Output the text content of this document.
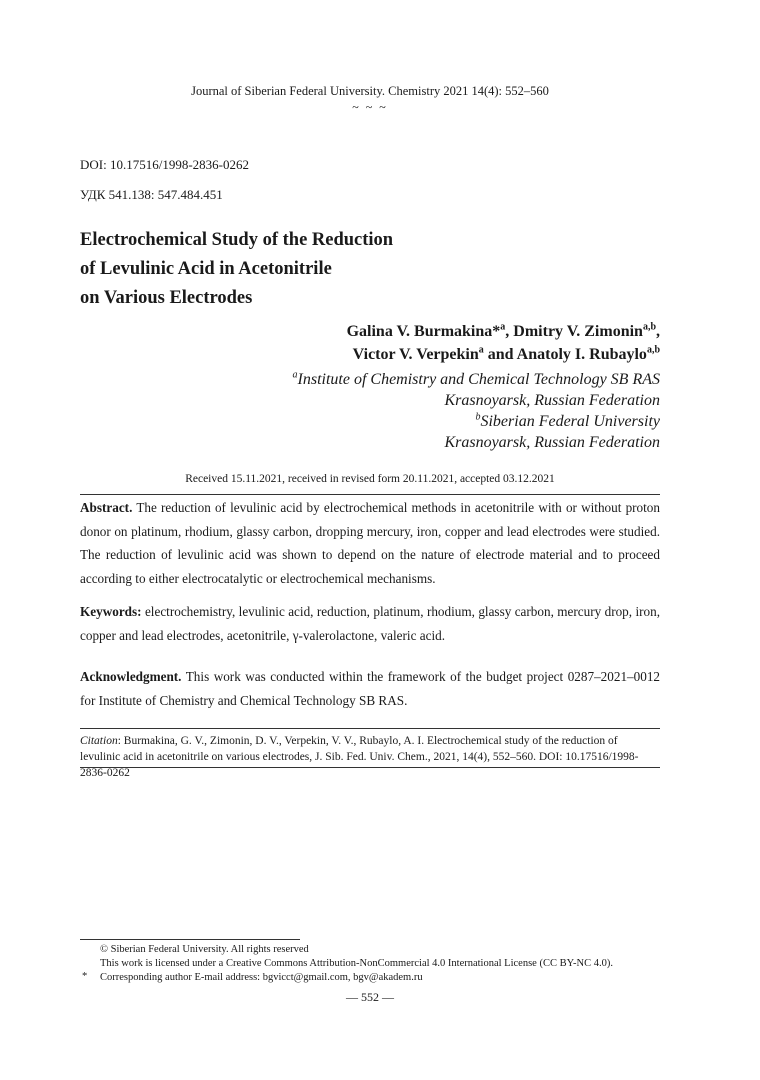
Journal of Siberian Federal University. Chemistry 2021 14(4): 552–560
~ ~ ~
DOI: 10.17516/1998-2836-0262
УДК 541.138: 547.484.451
Electrochemical Study of the Reduction
of Levulinic Acid in Acetonitrile
on Various Electrodes
Galina V. Burmakina*$^a$, Dmitry V. Zimonin$^{a,b}$,
Victor V. Verpekin$^a$ and Anatoly I. Rubaylo$^{a,b}$
$^a$Institute of Chemistry and Chemical Technology SB RAS
Krasnoyarsk, Russian Federation
$^b$Siberian Federal University
Krasnoyarsk, Russian Federation
Received 15.11.2021, received in revised form 20.11.2021, accepted 03.12.2021
Abstract. The reduction of levulinic acid by electrochemical methods in acetonitrile with or without proton donor on platinum, rhodium, glassy carbon, dropping mercury, iron, copper and lead electrodes were studied. The reduction of levulinic acid was shown to depend on the nature of electrode material and to proceed according to either electrocatalytic or electrochemical mechanisms.
Keywords: electrochemistry, levulinic acid, reduction, platinum, rhodium, glassy carbon, mercury drop, iron, copper and lead electrodes, acetonitrile, γ-valerolactone, valeric acid.
Acknowledgment. This work was conducted within the framework of the budget project 0287–2021–0012 for Institute of Chemistry and Chemical Technology SB RAS.
Citation: Burmakina, G. V., Zimonin, D. V., Verpekin, V. V., Rubaylo, A. I. Electrochemical study of the reduction of levulinic acid in acetonitrile on various electrodes, J. Sib. Fed. Univ. Chem., 2021, 14(4), 552–560. DOI: 10.17516/1998-2836-0262
© Siberian Federal University. All rights reserved
This work is licensed under a Creative Commons Attribution-NonCommercial 4.0 International License (CC BY-NC 4.0).
* Corresponding author E-mail address: bgvicct@gmail.com, bgv@akadem.ru
— 552 —
